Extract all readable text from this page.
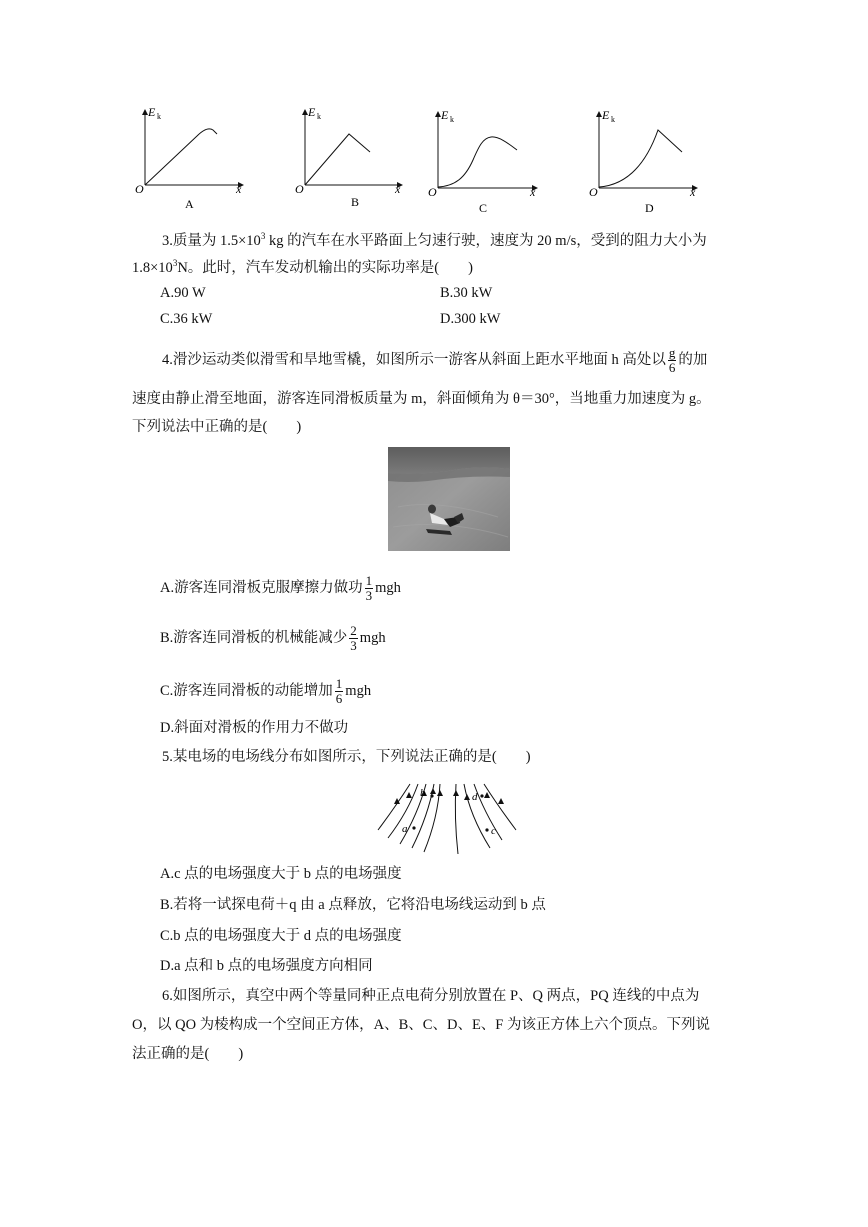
E k
O	x
A
E k
O	x
B
E k
O	x
C
E k
O	x
D
3.质量为 $1.5\times 10^3$ kg 的汽车在水平路面上匀速行驶，速度为 20 m/s，受到的阻力大小为
$1.8\times 10^3N$。此时，汽车发动机输出的实际功率是(　　)
A.90 W	B.30 kW
C.36 kW	D.300 kW
4.滑沙运动类似滑雪和旱地雪橇，如图所示一游客从斜面上距水平地面 h 高处以 $\frac{g}{6}$ 的加
速度由静止滑至地面，游客连同滑板质量为 m，斜面倾角为 θ＝30°，当地重力加速度为 g。
下列说法中正确的是(　　)
A.游客连同滑板克服摩擦力做功 $\frac{1}{3}$ mgh
B.游客连同滑板的机械能减少 $\frac{2}{3}$ mgh
C.游客连同滑板的动能增加 $\frac{1}{6}$ mgh
D.斜面对滑板的作用力不做功
5.某电场的电场线分布如图所示，下列说法正确的是(　　)
a
b
c
d
A.c 点的电场强度大于 b 点的电场强度
B.若将一试探电荷＋q 由 a 点释放，它将沿电场线运动到 b 点
C.b 点的电场强度大于 d 点的电场强度
D.a 点和 b 点的电场强度方向相同
6.如图所示，真空中两个等量同种正点电荷分别放置在 P、Q 两点，PQ 连线的中点为
O，以 QO 为棱构成一个空间正方体，A、B、C、D、E、F 为该正方体上六个顶点。下列说
法正确的是(　　)
